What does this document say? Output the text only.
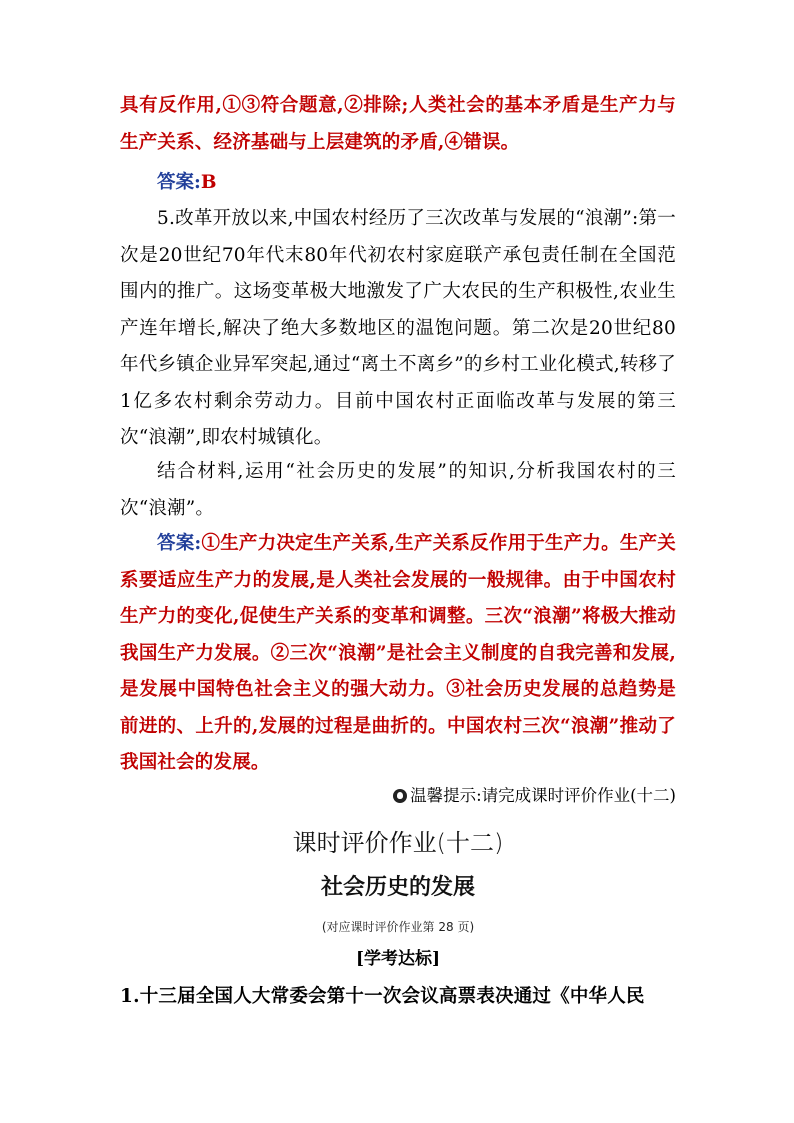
具有反作用,①③符合题意,②排除;人类社会的基本矛盾是生产力与生产关系、经济基础与上层建筑的矛盾,④错误。

答案:B

5.改革开放以来,中国农村经历了三次改革与发展的“浪潮”:第一次是20世纪70年代末80年代初农村家庭联产承包责任制在全国范围内的推广。这场变革极大地激发了广大农民的生产积极性,农业生产连年增长,解决了绝大多数地区的温饱问题。第二次是20世纪80年代乡镇企业异军突起,通过“离土不离乡”的乡村工业化模式,转移了1亿多农村剩余劳动力。目前中国农村正面临改革与发展的第三次“浪潮”,即农村城镇化。

结合材料,运用“社会历史的发展”的知识,分析我国农村的三次“浪潮”。

答案:①生产力决定生产关系,生产关系反作用于生产力。生产关系要适应生产力的发展,是人类社会发展的一般规律。由于中国农村生产力的变化,促使生产关系的变革和调整。三次“浪潮”将极大推动我国生产力发展。②三次“浪潮”是社会主义制度的自我完善和发展,是发展中国特色社会主义的强大动力。③社会历史发展的总趋势是前进的、上升的,发展的过程是曲折的。中国农村三次“浪潮”推动了我国社会的发展。

温馨提示:请完成课时评价作业(十二)
课时评价作业(十二)
社会历史的发展
(对应课时评价作业第 28 页)
[学考达标]

1.十三届全国人大常委会第十一次会议高票表决通过《中华人民
